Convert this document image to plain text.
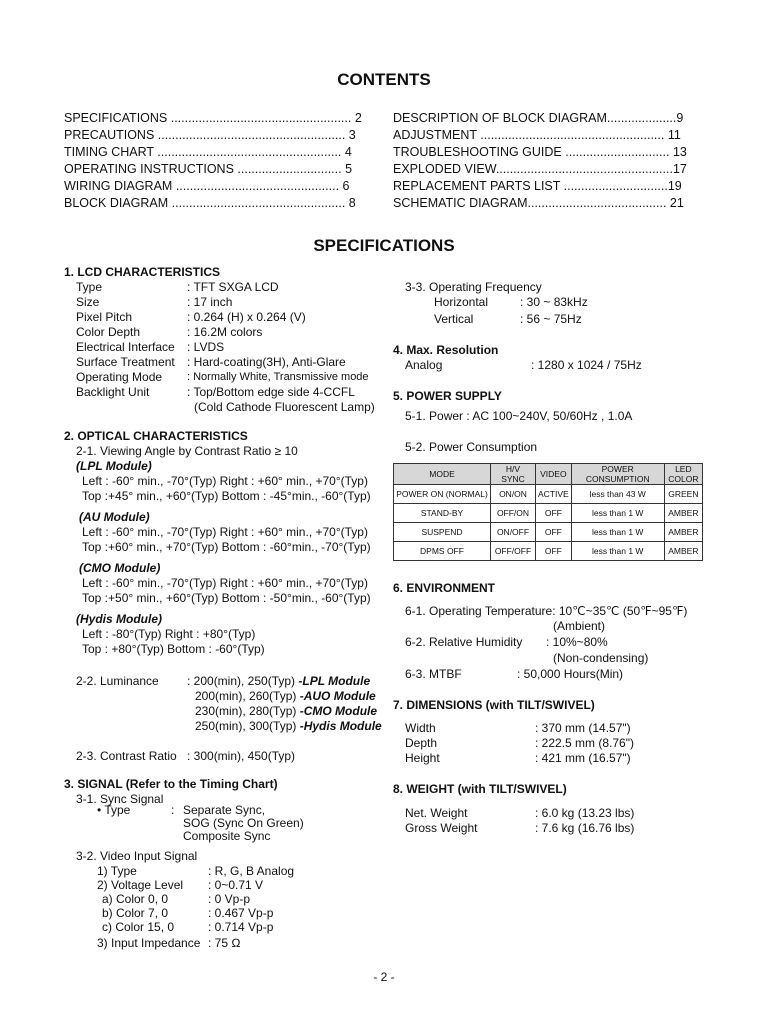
CONTENTS
SPECIFICATIONS .................................................... 2
PRECAUTIONS ...................................................... 3
TIMING CHART ..................................................... 4
OPERATING INSTRUCTIONS .............................. 5
WIRING DIAGRAM ............................................... 6
BLOCK DIAGRAM .................................................. 8
DESCRIPTION OF BLOCK DIAGRAM....................9
ADJUSTMENT ..................................................... 11
TROUBLESHOOTING GUIDE .............................. 13
EXPLODED VIEW...................................................17
REPLACEMENT PARTS LIST ..............................19
SCHEMATIC DIAGRAM........................................ 21
SPECIFICATIONS
1. LCD CHARACTERISTICS
Type	: TFT SXGA LCD
Size	: 17 inch
Pixel Pitch	: 0.264 (H) x 0.264 (V)
Color Depth	: 16.2M colors
Electrical Interface : LVDS
Surface Treatment : Hard-coating(3H), Anti-Glare
Operating Mode : Normally White, Transmissive mode
Backlight Unit	: Top/Bottom edge side 4-CCFL
(Cold Cathode Fluorescent Lamp)
2. OPTICAL CHARACTERISTICS
2-1. Viewing Angle by Contrast Ratio ≥ 10
(LPL Module)
Left : -60° min., -70°(Typ) Right : +60° min., +70°(Typ)
Top :+45° min., +60°(Typ) Bottom : -45°min., -60°(Typ)
(AU Module)
Left : -60° min., -70°(Typ) Right : +60° min., +70°(Typ)
Top :+60° min., +70°(Typ) Bottom : -60°min., -70°(Typ)
(CMO Module)
Left : -60° min., -70°(Typ) Right : +60° min., +70°(Typ)
Top :+50° min., +60°(Typ) Bottom : -50°min., -60°(Typ)
(Hydis Module)
Left : -80°(Typ) Right : +80°(Typ)
Top : +80°(Typ) Bottom : -60°(Typ)
2-2. Luminance : 200(min), 250(Typ) -LPL Module
200(min), 260(Typ) -AUO Module
230(min), 280(Typ) -CMO Module
250(min), 300(Typ) -Hydis Module
2-3. Contrast Ratio : 300(min), 450(Typ)
3. SIGNAL (Refer to the Timing Chart)
3-1. Sync Signal
• Type	: Separate Sync,
SOG (Sync On Green)
Composite Sync
3-2. Video Input Signal
1) Type	: R, G, B Analog
2) Voltage Level : 0~0.71 V
a) Color 0, 0	: 0 Vp-p
b) Color 7, 0	: 0.467 Vp-p
c) Color 15, 0	: 0.714 Vp-p
3) Input Impedance : 75 Ω
3-3. Operating Frequency
Horizontal	: 30 ~ 83kHz
Vertical	: 56 ~ 75Hz
4. Max. Resolution
Analog	: 1280 x 1024 / 75Hz
5. POWER SUPPLY
5-1. Power : AC 100~240V, 50/60Hz , 1.0A
5-2. Power Consumption
MODE	H/V SYNC	VIDEO	POWER CONSUMPTION	LED COLOR
POWER ON (NORMAL)	ON/ON	ACTIVE	less than 43 W	GREEN
STAND-BY	OFF/ON	OFF	less than 1 W	AMBER
SUSPEND	ON/OFF	OFF	less than 1 W	AMBER
DPMS OFF	OFF/OFF	OFF	less than 1 W	AMBER
6. ENVIRONMENT
6-1. Operating Temperature: 10℃~35℃ (50℉~95℉)
(Ambient)
6-2. Relative Humidity : 10%~80%
(Non-condensing)
6-3. MTBF	: 50,000 Hours(Min)
7. DIMENSIONS (with TILT/SWIVEL)
Width	: 370 mm (14.57")
Depth	: 222.5 mm (8.76")
Height	: 421 mm (16.57")
8. WEIGHT (with TILT/SWIVEL)
Net. Weight	: 6.0 kg (13.23 lbs)
Gross Weight	: 7.6 kg (16.76 lbs)
- 2 -
